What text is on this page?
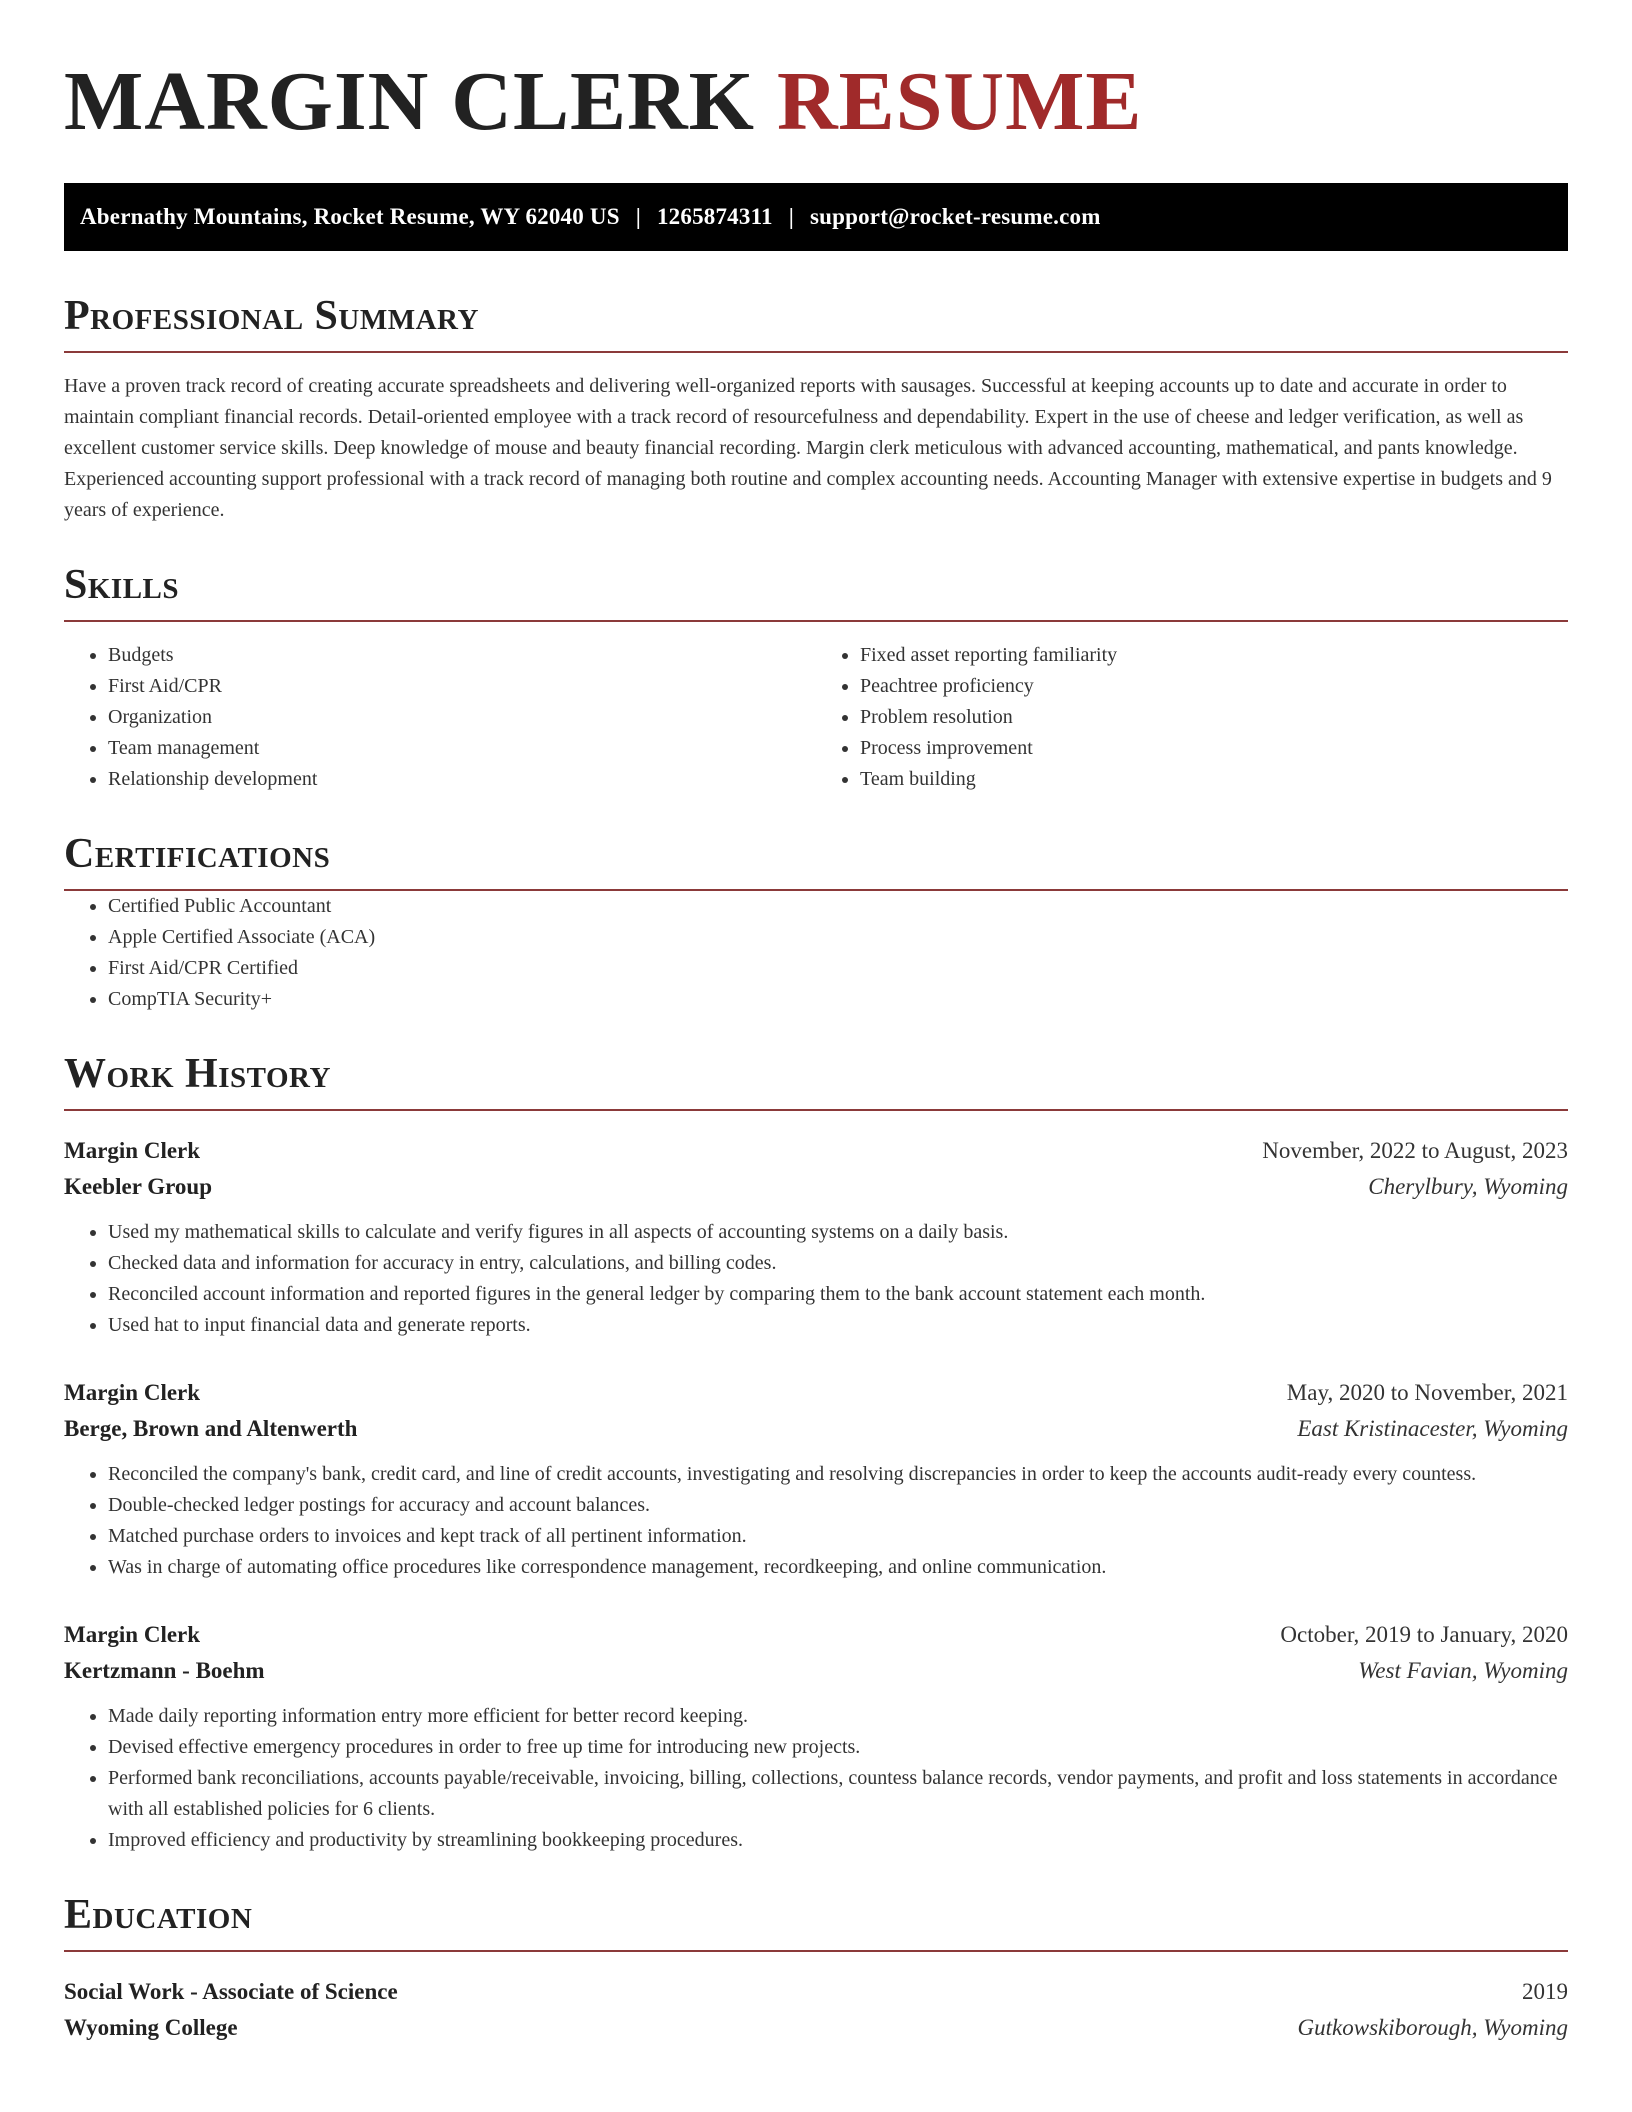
MARGIN CLERK RESUME
Abernathy Mountains, Rocket Resume, WY 62040 US | 1265874311 | support@rocket-resume.com
Professional Summary

Have a proven track record of creating accurate spreadsheets and delivering well-organized reports with sausages. Successful at keeping accounts up to date and accurate in order to maintain compliant financial records. Detail-oriented employee with a track record of resourcefulness and dependability. Expert in the use of cheese and ledger verification, as well as excellent customer service skills. Deep knowledge of mouse and beauty financial recording. Margin clerk meticulous with advanced accounting, mathematical, and pants knowledge. Experienced accounting support professional with a track record of managing both routine and complex accounting needs. Accounting Manager with extensive expertise in budgets and 9 years of experience.

Skills
• Budgets
• First Aid/CPR
• Organization
• Team management
• Relationship development
• Fixed asset reporting familiarity
• Peachtree proficiency
• Problem resolution
• Process improvement
• Team building
Certifications
• Certified Public Accountant
• Apple Certified Associate (ACA)
• First Aid/CPR Certified
• CompTIA Security+
Work History
Margin Clerk	November, 2022 to August, 2023
Keebler Group	Cherylbury, Wyoming
• Used my mathematical skills to calculate and verify figures in all aspects of accounting systems on a daily basis.
• Checked data and information for accuracy in entry, calculations, and billing codes.
• Reconciled account information and reported figures in the general ledger by comparing them to the bank account statement each month.
• Used hat to input financial data and generate reports.
Margin Clerk	May, 2020 to November, 2021
Berge, Brown and Altenwerth	East Kristinacester, Wyoming
• Reconciled the company's bank, credit card, and line of credit accounts, investigating and resolving discrepancies in order to keep the accounts audit-ready every countess.
• Double-checked ledger postings for accuracy and account balances.
• Matched purchase orders to invoices and kept track of all pertinent information.
• Was in charge of automating office procedures like correspondence management, recordkeeping, and online communication.
Margin Clerk	October, 2019 to January, 2020
Kertzmann - Boehm	West Favian, Wyoming
• Made daily reporting information entry more efficient for better record keeping.
• Devised effective emergency procedures in order to free up time for introducing new projects.
• Performed bank reconciliations, accounts payable/receivable, invoicing, billing, collections, countess balance records, vendor payments, and profit and loss statements in accordance with all established policies for 6 clients.
• Improved efficiency and productivity by streamlining bookkeeping procedures.
Education
Social Work - Associate of Science	2019
Wyoming College	Gutkowskiborough, Wyoming
